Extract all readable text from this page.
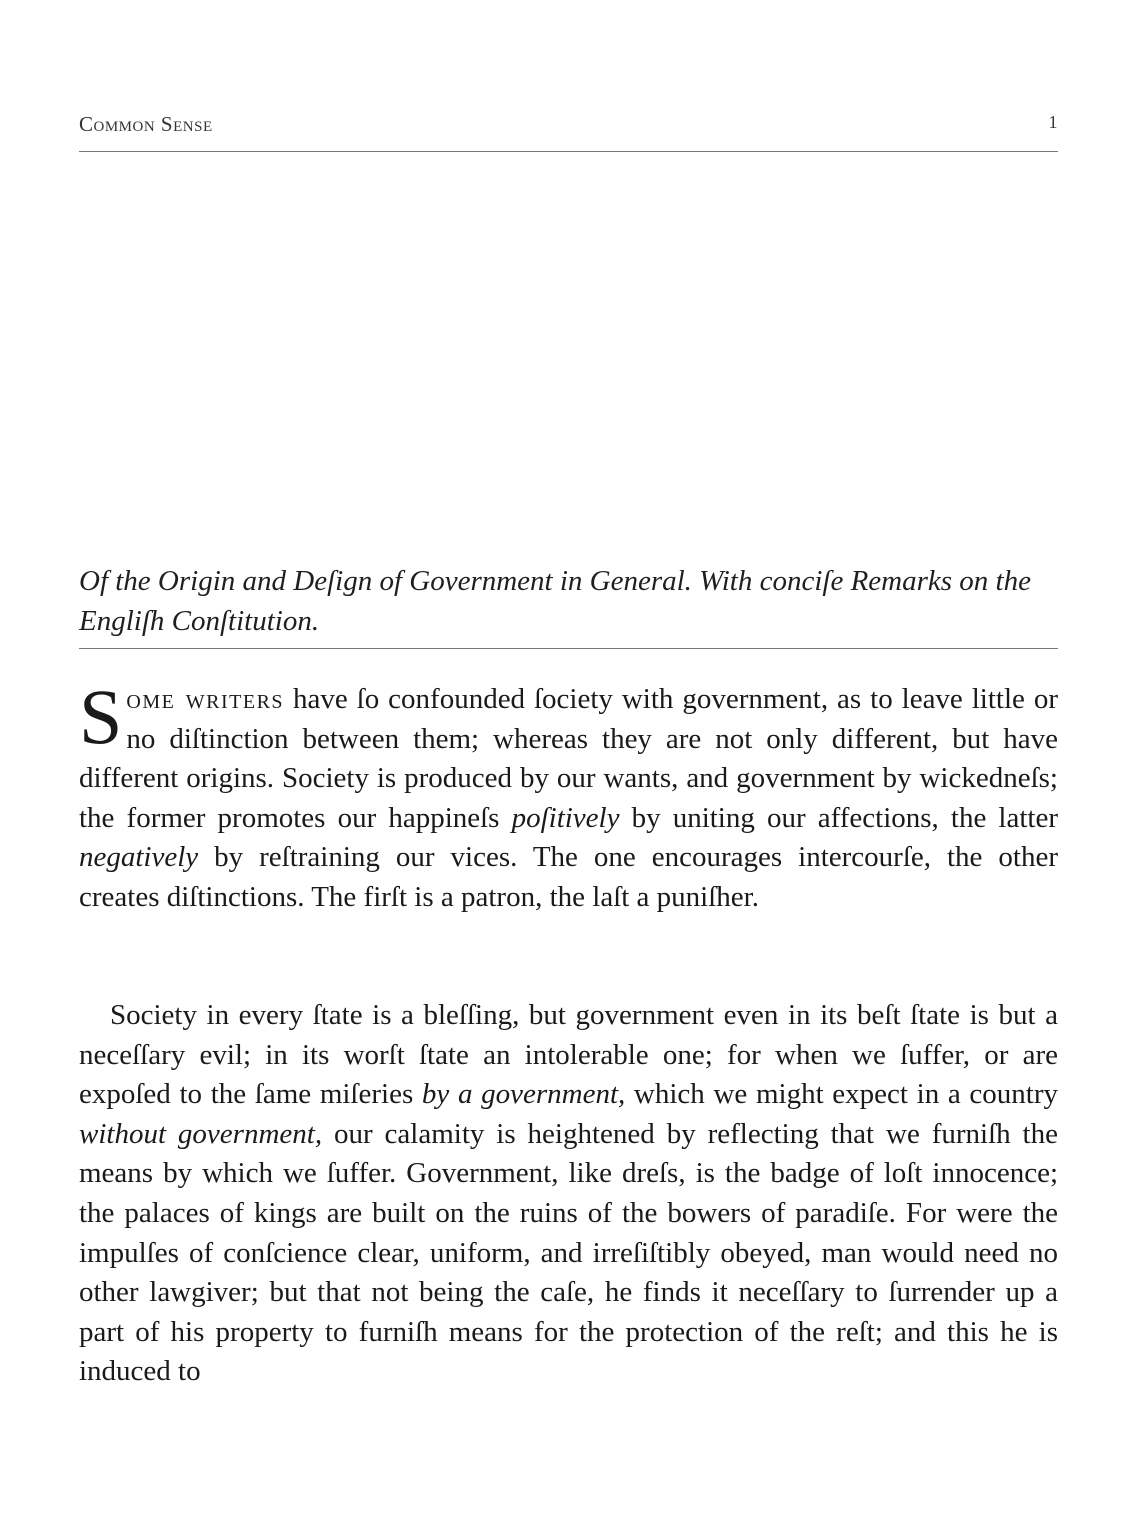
Common Sense	1
Of the Origin and Deſign of Government in General. With conciſe Remarks on the Engliſh Conſtitution.

Some writers have ſo confounded ſociety with government, as to leave little or no diſtinction between them; whereas they are not only different, but have different origins. Society is produced by our wants, and government by wickedneſs; the former promotes our happineſs poſitively by uniting our affections, the latter negatively by reſtraining our vices. The one encourages intercourſe, the other creates diſtinctions. The firſt is a patron, the laſt a puniſher.

Society in every ſtate is a bleſſing, but government even in its beſt ſtate is but a neceſſary evil; in its worſt ſtate an intolerable one; for when we ſuffer, or are expoſed to the ſame miſeries by a government, which we might expect in a country without government, our calamity is heightened by reflecting that we furniſh the means by which we ſuffer. Government, like dreſs, is the badge of loſt innocence; the palaces of kings are built on the ruins of the bowers of paradiſe. For were the impulſes of conſcience clear, uniform, and irreſiſtibly obeyed, man would need no other lawgiver; but that not being the caſe, he finds it neceſſary to ſurrender up a part of his property to furniſh means for the protection of the reſt; and this he is induced to
